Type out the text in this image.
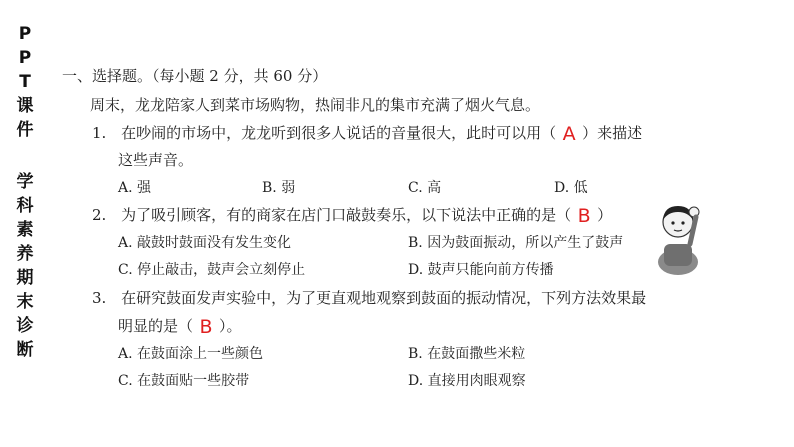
P
P
T
课
件
学
科
素
养
期
末
诊
断
一、选择题。（每小题 2 分，共 60 分）
周末，龙龙陪家人到菜市场购物，热闹非凡的集市充满了烟火气息。
1. 在吵闹的市场中，龙龙听到很多人说话的音量很大，此时可以用（ A ）来描述
这些声音。
A. 强	B. 弱	C. 高	D. 低
2. 为了吸引顾客，有的商家在店门口敲鼓奏乐，以下说法中正确的是（ B ）
A. 敲鼓时鼓面没有发生变化	B. 因为鼓面振动，所以产生了鼓声
C. 停止敲击，鼓声会立刻停止	D. 鼓声只能向前方传播
3. 在研究鼓面发声实验中，为了更直观地观察到鼓面的振动情况，下列方法效果最
明显的是（ B ）。
A. 在鼓面涂上一些颜色	B. 在鼓面撒些米粒
C. 在鼓面贴一些胶带	D. 直接用肉眼观察
